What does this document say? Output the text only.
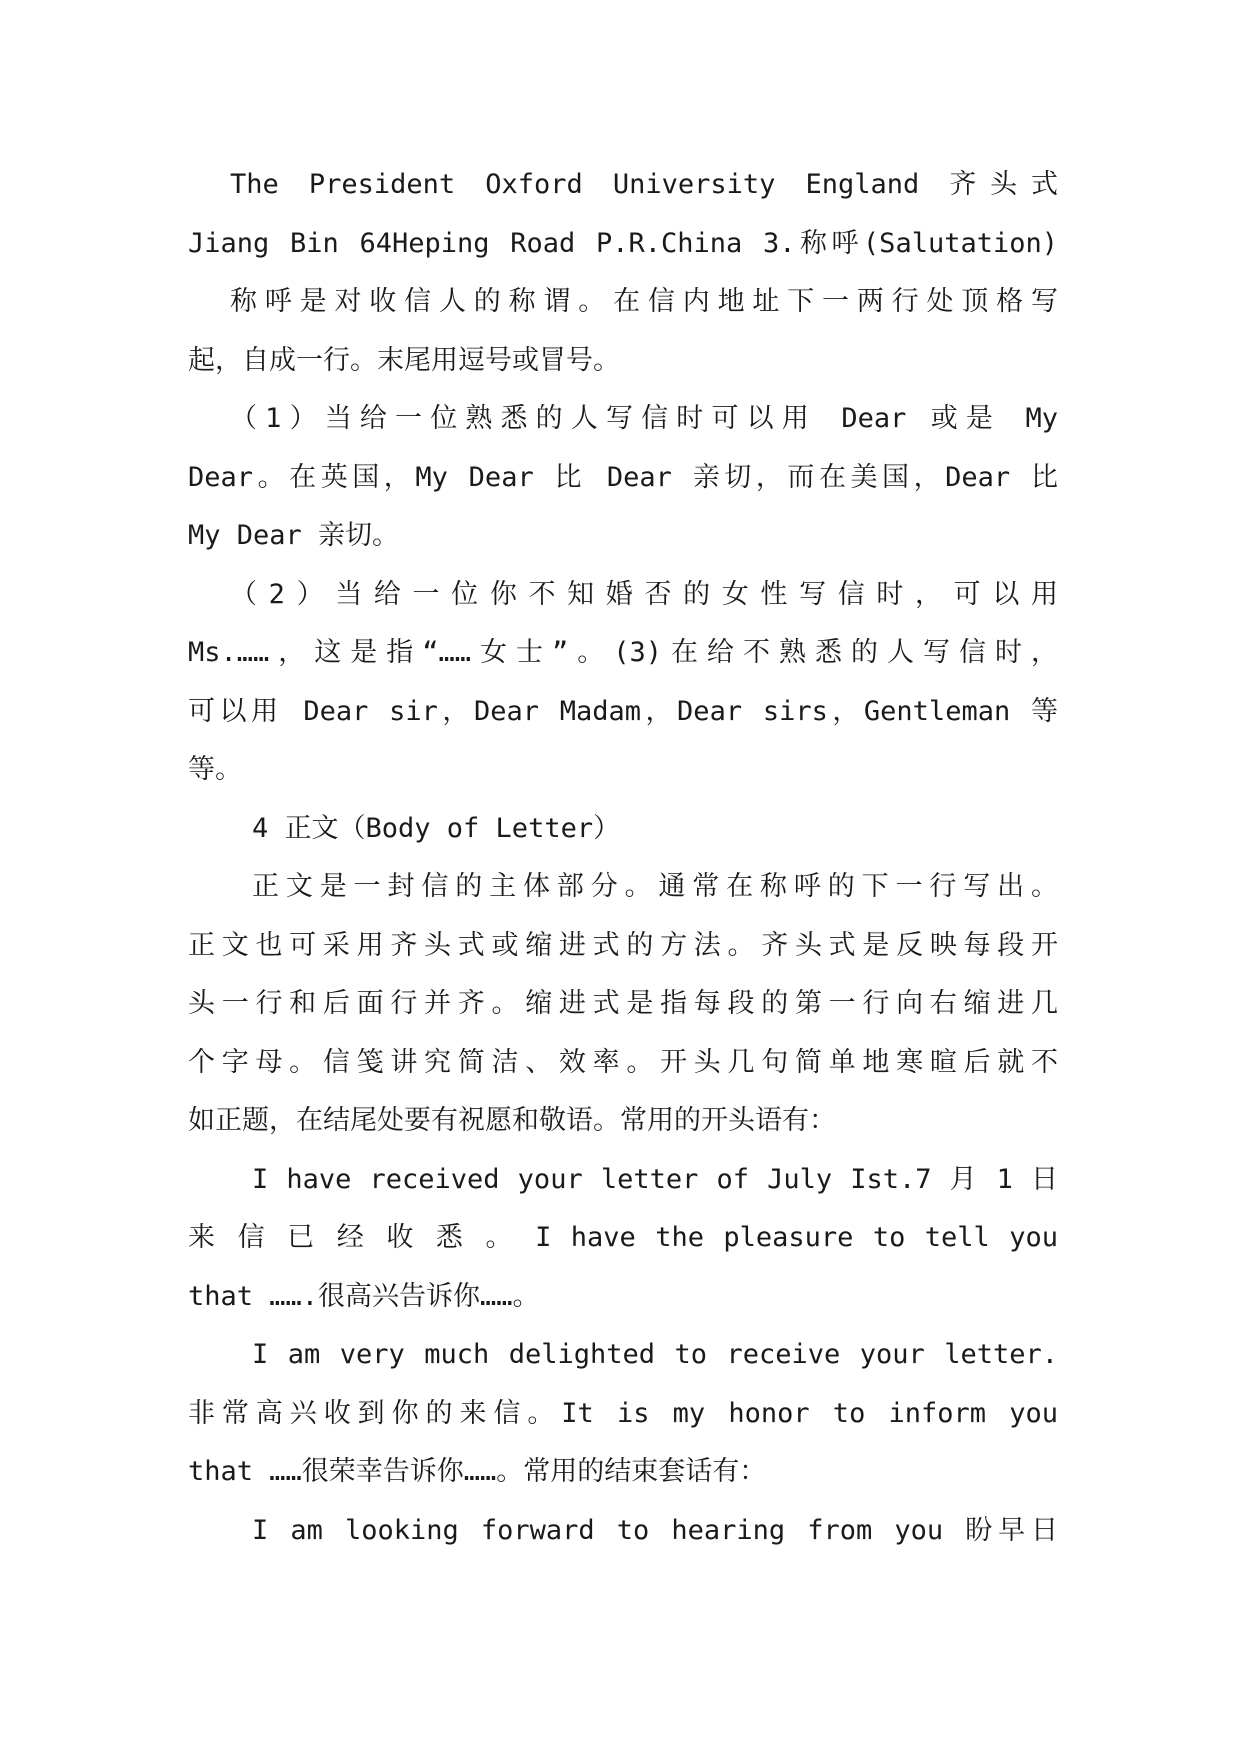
The President Oxford University England 齐头式
Jiang Bin 64Heping Road P.R.China 3.称呼(Salutation)
称呼是对收信人的称谓。在信内地址下一两行处顶格写
起，自成一行。末尾用逗号或冒号。
（1）当给一位熟悉的人写信时可以用 Dear 或是 My
Dear。在英国，My Dear 比 Dear 亲切，而在美国，Dear 比
My Dear 亲切。
（2）当给一位你不知婚否的女性写信时，可以用
Ms.……，这是指“……女士”。(3)在给不熟悉的人写信时，
可以用 Dear sir，Dear Madam，Dear sirs，Gentleman 等
等。
4 正文（Body of Letter）
正文是一封信的主体部分。通常在称呼的下一行写出。
正文也可采用齐头式或缩进式的方法。齐头式是反映每段开
头一行和后面行并齐。缩进式是指每段的第一行向右缩进几
个字母。信笺讲究简洁、效率。开头几句简单地寒暄后就不
如正题，在结尾处要有祝愿和敬语。常用的开头语有：
I have received your letter of July Ist.7 月 1 日
来 信 已 经 收 悉 。 I have the pleasure to tell you
that …….很高兴告诉你……。
I am very much delighted to receive your letter.
非常高兴收到你的来信。It is my honor to inform you
that ……很荣幸告诉你……。常用的结束套话有：
I am looking forward to hearing from you 盼早日
